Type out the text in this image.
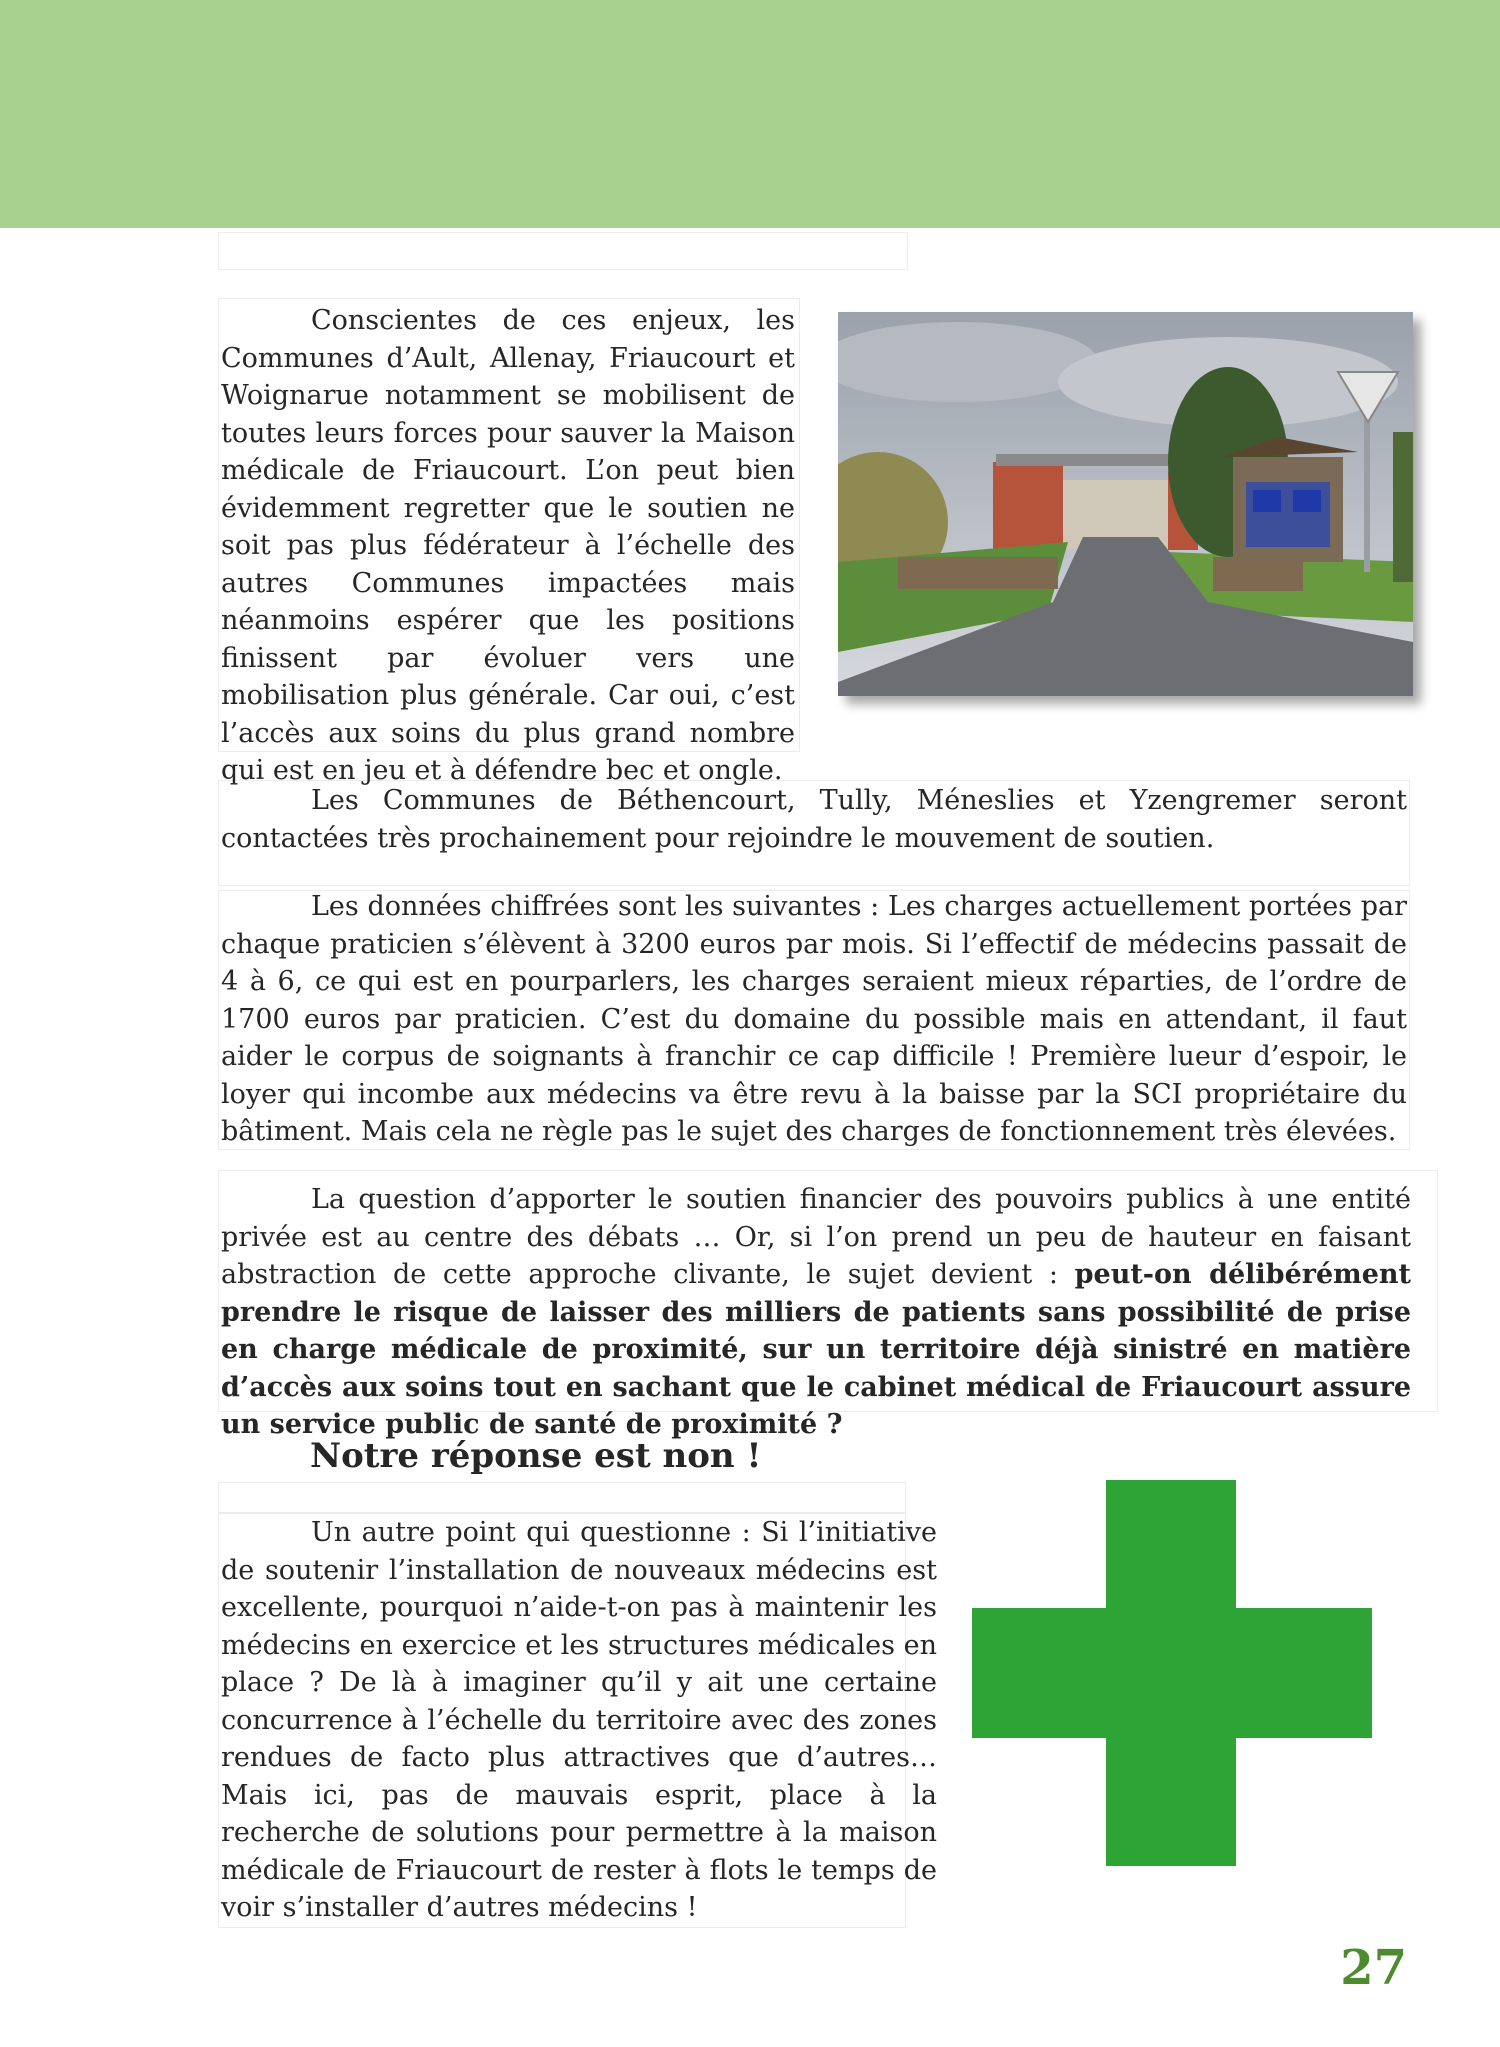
Conscientes de ces enjeux, les Communes d’Ault, Allenay, Friaucourt et Woignarue notamment se mobilisent de toutes leurs forces pour sauver la Maison médicale de Friaucourt. L’on peut bien évidemment regretter que le soutien ne soit pas plus fédérateur à l’échelle des autres Communes impactées mais néanmoins espérer que les positions finissent par évoluer vers une mobilisation plus générale. Car oui, c’est l’accès aux soins du plus grand nombre qui est en jeu et à défendre bec et ongle.

Les Communes de Béthencourt, Tully, Méneslies et Yzengremer seront contactées très prochainement pour rejoindre le mouvement de soutien.

Les données chiffrées sont les suivantes : Les charges actuellement portées par chaque praticien s’élèvent à 3200 euros par mois. Si l’effectif de médecins passait de 4 à 6, ce qui est en pourparlers, les charges seraient mieux réparties, de l’ordre de 1700 euros par praticien. C’est du domaine du possible mais en attendant, il faut aider le corpus de soignants à franchir ce cap difficile ! Première lueur d’espoir, le loyer qui incombe aux médecins va être revu à la baisse par la SCI propriétaire du bâtiment. Mais cela ne règle pas le sujet des charges de fonctionnement très élevées.

La question d’apporter le soutien financier des pouvoirs publics à une entité privée est au centre des débats … Or, si l’on prend un peu de hauteur en faisant abstraction de cette approche clivante, le sujet devient : peut-on délibérément prendre le risque de laisser des milliers de patients sans possibilité de prise en charge médicale de proximité, sur un territoire déjà sinistré en matière d’accès aux soins tout en sachant que le cabinet médical de Friaucourt assure un service public de santé de proximité ?

Notre réponse est non !

Un autre point qui questionne : Si l’initiative de soutenir l’installation de nouveaux médecins est excellente, pourquoi n’aide-t-on pas à maintenir les médecins en exercice et les structures médicales en place ? De là à imaginer qu’il y ait une certaine concurrence à l’échelle du territoire avec des zones rendues de facto plus attractives que d’autres… Mais ici, pas de mauvais esprit, place à la recherche de solutions pour permettre à la maison médicale de Friaucourt de rester à flots le temps de voir s’installer d’autres médecins !

27
